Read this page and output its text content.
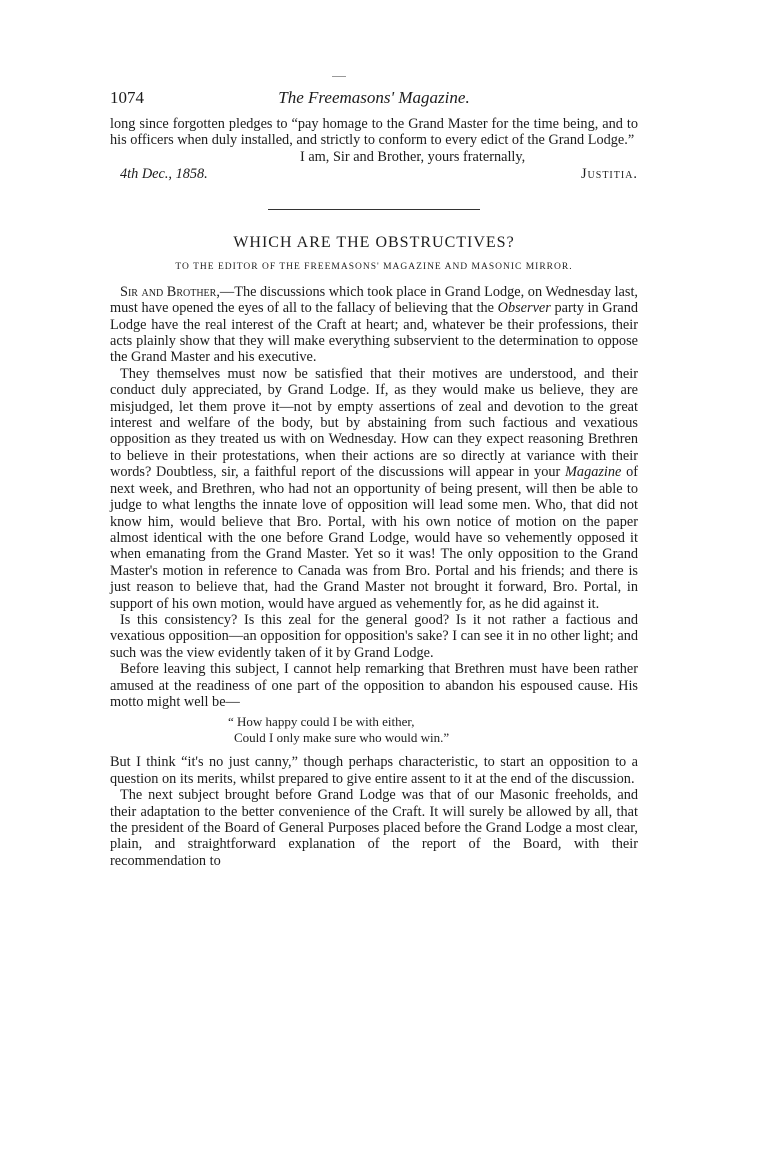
1074	The Freemasons' Magazine.

long since forgotten pledges to “pay homage to the Grand Master for the time being, and to his officers when duly installed, and strictly to conform to every edict of the Grand Lodge.”

I am, Sir and Brother, yours fraternally,
4th Dec., 1858.	Justitia.
WHICH ARE THE OBSTRUCTIVES?
TO THE EDITOR OF THE FREEMASONS' MAGAZINE AND MASONIC MIRROR.

Sir and Brother,—The discussions which took place in Grand Lodge, on Wednesday last, must have opened the eyes of all to the fallacy of believing that the Observer party in Grand Lodge have the real interest of the Craft at heart; and, whatever be their professions, their acts plainly show that they will make everything subservient to the determination to oppose the Grand Master and his executive.

They themselves must now be satisfied that their motives are understood, and their conduct duly appreciated, by Grand Lodge. If, as they would make us believe, they are misjudged, let them prove it—not by empty assertions of zeal and devotion to the great interest and welfare of the body, but by abstaining from such factious and vexatious opposition as they treated us with on Wednesday. How can they expect reasoning Brethren to believe in their protestations, when their actions are so directly at variance with their words? Doubtless, sir, a faithful report of the discussions will appear in your Magazine of next week, and Brethren, who had not an opportunity of being present, will then be able to judge to what lengths the innate love of opposition will lead some men. Who, that did not know him, would believe that Bro. Portal, with his own notice of motion on the paper almost identical with the one before Grand Lodge, would have so vehemently opposed it when emanating from the Grand Master. Yet so it was! The only opposition to the Grand Master's motion in reference to Canada was from Bro. Portal and his friends; and there is just reason to believe that, had the Grand Master not brought it forward, Bro. Portal, in support of his own motion, would have argued as vehemently for, as he did against it.

Is this consistency? Is this zeal for the general good? Is it not rather a factious and vexatious opposition—an opposition for opposition's sake? I can see it in no other light; and such was the view evidently taken of it by Grand Lodge.

Before leaving this subject, I cannot help remarking that Brethren must have been rather amused at the readiness of one part of the opposition to abandon his espoused cause. His motto might well be—

“ How happy could I be with either,
Could I only make sure who would win.”

But I think “it's no just canny,” though perhaps characteristic, to start an opposition to a question on its merits, whilst prepared to give entire assent to it at the end of the discussion.

The next subject brought before Grand Lodge was that of our Masonic freeholds, and their adaptation to the better convenience of the Craft. It will surely be allowed by all, that the president of the Board of General Purposes placed before the Grand Lodge a most clear, plain, and straightforward explanation of the report of the Board, with their recommendation to
